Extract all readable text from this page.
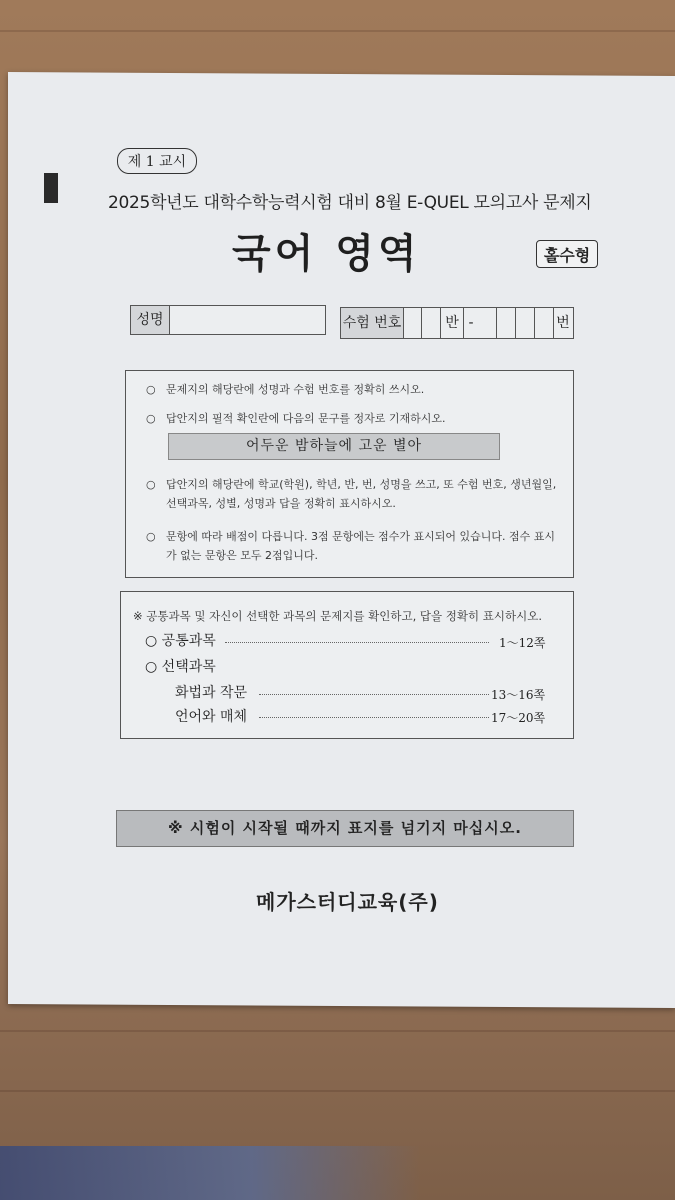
제 1 교시
2025학년도 대학수학능력시험 대비 8월 E-QUEL 모의고사 문제지
국어 영역	홀수형
성명	수험 번호	반 -	번
○ 문제지의 해당란에 성명과 수험 번호를 정확히 쓰시오.
○ 답안지의 필적 확인란에 다음의 문구를 정자로 기재하시오.
어두운 밤하늘에 고운 별아
○ 답안지의 해당란에 학교(학원), 학년, 반, 번, 성명을 쓰고, 또 수험 번호, 생년월일, 선택과목, 성별, 성명과 답을 정확히 표시하시오.
○ 문항에 따라 배점이 다릅니다. 3점 문항에는 점수가 표시되어 있습니다. 점수 표시가 없는 문항은 모두 2점입니다.
※ 공통과목 및 자신이 선택한 과목의 문제지를 확인하고, 답을 정확히 표시하시오.
○ 공통과목	1～12쪽
○ 선택과목
화법과 작문	13～16쪽
언어와 매체	17～20쪽
※ 시험이 시작될 때까지 표지를 넘기지 마십시오.
메가스터디교육(주)
